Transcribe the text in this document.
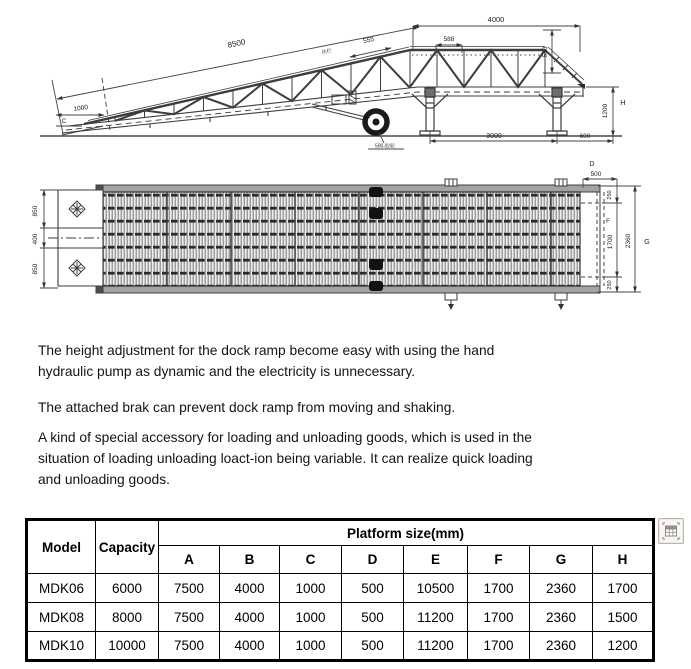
8500	555
扶栏
588
4000
550
1000
C
H
1200
3000	600
500-胶轮
850
400
850
D
500
250
F
1700 2360 G
250

The height adjustment for the dock ramp become easy with using the hand
hydraulic pump as dynamic and the electricity is unnecessary.

The attached brak can prevent dock ramp from moving and shaking.

A kind of special accessory for loading and unloading goods, which is used in the
situation of loading unloading loact-ion being variable. It can realize quick loading
and unloading goods.

Model	Capacity	Platform size(mm)							
		A	B	C	D	E	F	G	H
MDK06	6000	7500	4000	1000	500	10500	1700	2360	1700
MDK08	8000	7500	4000	1000	500	11200	1700	2360	1500
MDK10	10000	7500	4000	1000	500	11200	1700	2360	1200
